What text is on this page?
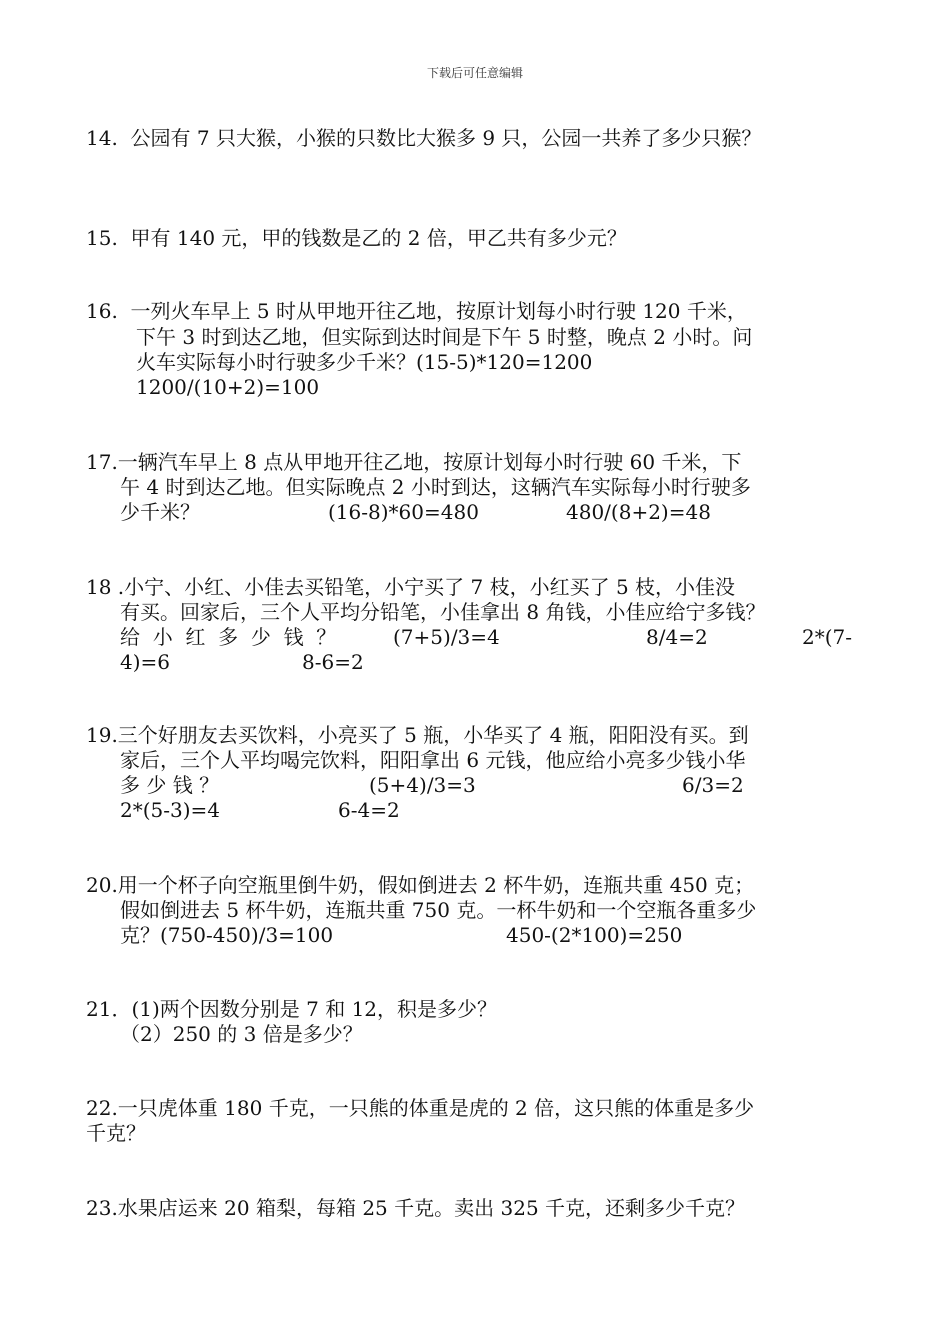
下载后可任意编辑
14.  公园有 7 只大猴，小猴的只数比大猴多 9 只，公园一共养了多少只猴？
15.  甲有 140 元，甲的钱数是乙的 2 倍，甲乙共有多少元？
16.  一列火车早上 5 时从甲地开往乙地，按原计划每小时行驶 120 千米，
下午 3 时到达乙地，但实际到达时间是下午 5 时整，晚点 2 小时。问
火车实际每小时行驶多少千米？(15-5)*120=1200
1200/(10+2)=100
17.一辆汽车早上 8 点从甲地开往乙地，按原计划每小时行驶 60 千米，下
午 4 时到达乙地。但实际晚点 2 小时到达，这辆汽车实际每小时行驶多
少千米？	(16-8)*60=480	480/(8+2)=48
18 .小宁、小红、小佳去买铅笔，小宁买了 7 枝，小红买了 5 枝，小佳没
有买。回家后，三个人平均分铅笔，小佳拿出 8 角钱，小佳应给宁多钱？
给  小  红  多  少  钱  ？	(7+5)/3=4	8/4=2	2*(7-
4)=6	8-6=2
19.三个好朋友去买饮料，小亮买了 5 瓶，小华买了 4 瓶，阳阳没有买。到
家后，三个人平均喝完饮料，阳阳拿出 6 元钱，他应给小亮多少钱小华
多 少 钱 ？	(5+4)/3=3	6/3=2
2*(5-3)=4	6-4=2
20.用一个杯子向空瓶里倒牛奶，假如倒进去 2 杯牛奶，连瓶共重 450 克；
假如倒进去 5 杯牛奶，连瓶共重 750 克。一杯牛奶和一个空瓶各重多少
克？(750-450)/3=100	450-(2*100)=250
21．(1)两个因数分别是 7 和 12，积是多少？
（2）250 的 3 倍是多少？
22.一只虎体重 180 千克，一只熊的体重是虎的 2 倍，这只熊的体重是多少
千克？
23.水果店运来 20 箱梨，每箱 25 千克。卖出 325 千克，还剩多少千克？
